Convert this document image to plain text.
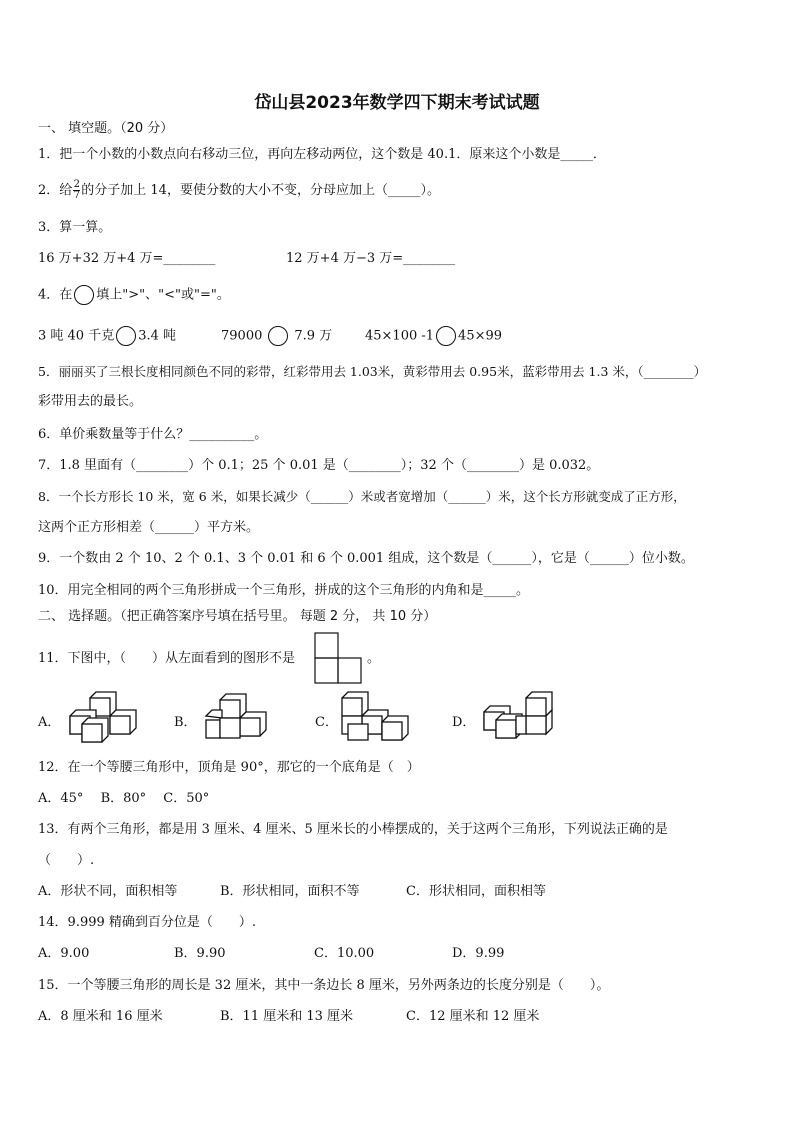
岱山县2023年数学四下期末考试试题
一、 填空题。（20 分）
1．把一个小数的小数点向右移动三位，再向左移动两位，这个数是 40.1．原来这个小数是_____．
2．给 $\frac{2}{7}$ 的分子加上 14，要使分数的大小不变，分母应加上（_____）。
3．算一算。
16 万+32 万+4 万=________	12 万+4 万−3 万=________
4．在 填上">"、"<"或"="。
3 吨 40 千克 3.4 吨	79000 7.9 万	45×100 -1 45×99
5．丽丽买了三根长度相同颜色不同的彩带，红彩带用去 1.03米，黄彩带用去 0.95米，蓝彩带用去 1.3 米，（________）
彩带用去的最长。
6．单价乘数量等于什么？__________。
7．1.8 里面有（________）个 0.1；25 个 0.01 是（________）；32 个（________）是 0.032。
8．一个长方形长 10 米，宽 6 米，如果长减少（______）米或者宽增加（______）米，这个长方形就变成了正方形，
这两个正方形相差（______）平方米。
9．一个数由 2 个 10、2 个 0.1、3 个 0.01 和 6 个 0.001 组成，这个数是（______），它是（______）位小数。
10．用完全相同的两个三角形拼成一个三角形，拼成的这个三角形的内角和是_____。
二、 选择题。（把正确答案序号填在括号里。 每题 2 分， 共 10 分）
11．下图中，（　　）从左面看到的图形不是	。
A．	B．	C．	D．
12．在一个等腰三角形中，顶角是 90°，那它的一个底角是（　）
A．45°　 B．80°　 C．50°
13．有两个三角形，都是用 3 厘米、4 厘米、5 厘米长的小棒摆成的，关于这两个三角形，下列说法正确的是
（　　）.
A．形状不同，面积相等	B．形状相同，面积不等	C．形状相同，面积相等
14．9.999 精确到百分位是（　　）.
A．9.00	B．9.90	C．10.00	D．9.99
15．一个等腰三角形的周长是 32 厘米，其中一条边长 8 厘米，另外两条边的长度分别是（　　）。
A．8 厘米和 16 厘米	B．11 厘米和 13 厘米	C．12 厘米和 12 厘米
